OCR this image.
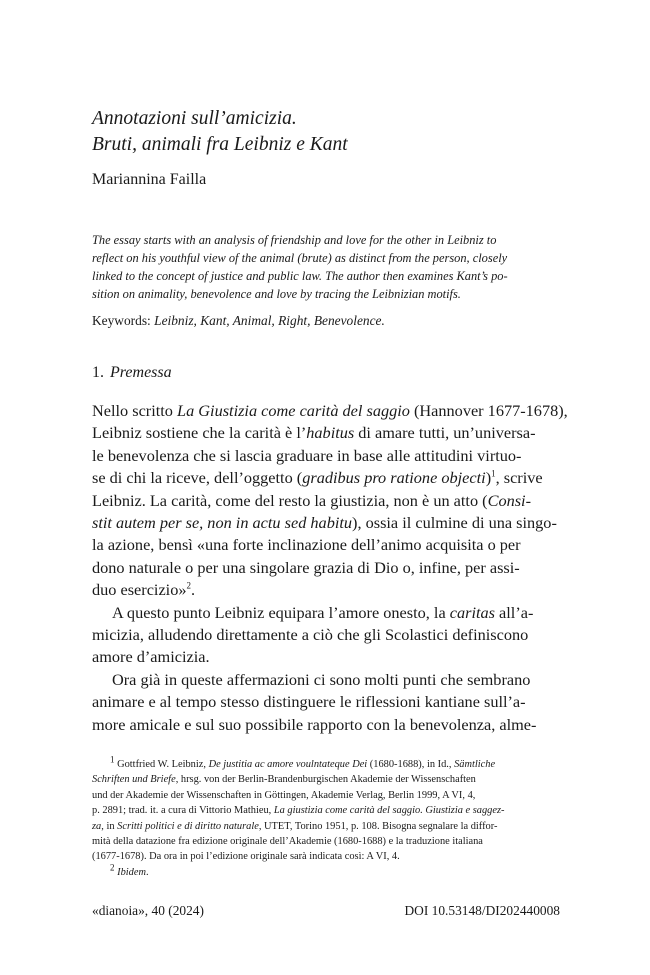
Annotazioni sull’amicizia.
Bruti, animali fra Leibniz e Kant
Mariannina Failla
The essay starts with an analysis of friendship and love for the other in Leibniz to
reflect on his youthful view of the animal (brute) as distinct from the person, closely
linked to the concept of justice and public law. The author then examines Kant’s po-
sition on animality, benevolence and love by tracing the Leibnizian motifs.
Keywords: Leibniz, Kant, Animal, Right, Benevolence.
1. Premessa
Nello scritto La Giustizia come carità del saggio (Hannover 1677-1678),
Leibniz sostiene che la carità è l’habitus di amare tutti, un’universa-
le benevolenza che si lascia graduare in base alle attitudini virtuo-
se di chi la riceve, dell’oggetto (gradibus pro ratione objecti)$^1$, scrive
Leibniz. La carità, come del resto la giustizia, non è un atto (Consi-
stit autem per se, non in actu sed habitu), ossia il culmine di una singo-
la azione, bensì «una forte inclinazione dell’animo acquisita o per
dono naturale o per una singolare grazia di Dio o, infine, per assi-
duo esercizio»$^2$.
A questo punto Leibniz equipara l’amore onesto, la caritas all’a-
micizia, alludendo direttamente a ciò che gli Scolastici definiscono
amore d’amicizia.
Ora già in queste affermazioni ci sono molti punti che sembrano
animare e al tempo stesso distinguere le riflessioni kantiane sull’a-
more amicale e sul suo possibile rapporto con la benevolenza, alme-
$^1$ Gottfried W. Leibniz, De justitia ac amore voulntateque Dei (1680-1688), in Id., Sämtliche
Schriften und Briefe, hrsg. von der Berlin-Brandenburgischen Akademie der Wissenschaften
und der Akademie der Wissenschaften in Göttingen, Akademie Verlag, Berlin 1999, A VI, 4,
p. 2891; trad. it. a cura di Vittorio Mathieu, La giustizia come carità del saggio. Giustizia e saggez-
za, in Scritti politici e di diritto naturale, UTET, Torino 1951, p. 108. Bisogna segnalare la diffor-
mità della datazione fra edizione originale dell’Akademie (1680-1688) e la traduzione italiana
(1677-1678). Da ora in poi l’edizione originale sarà indicata così: A VI, 4.
$^2$ Ibidem.
«dianoia», 40 (2024)	DOI 10.53148/DI202440008
